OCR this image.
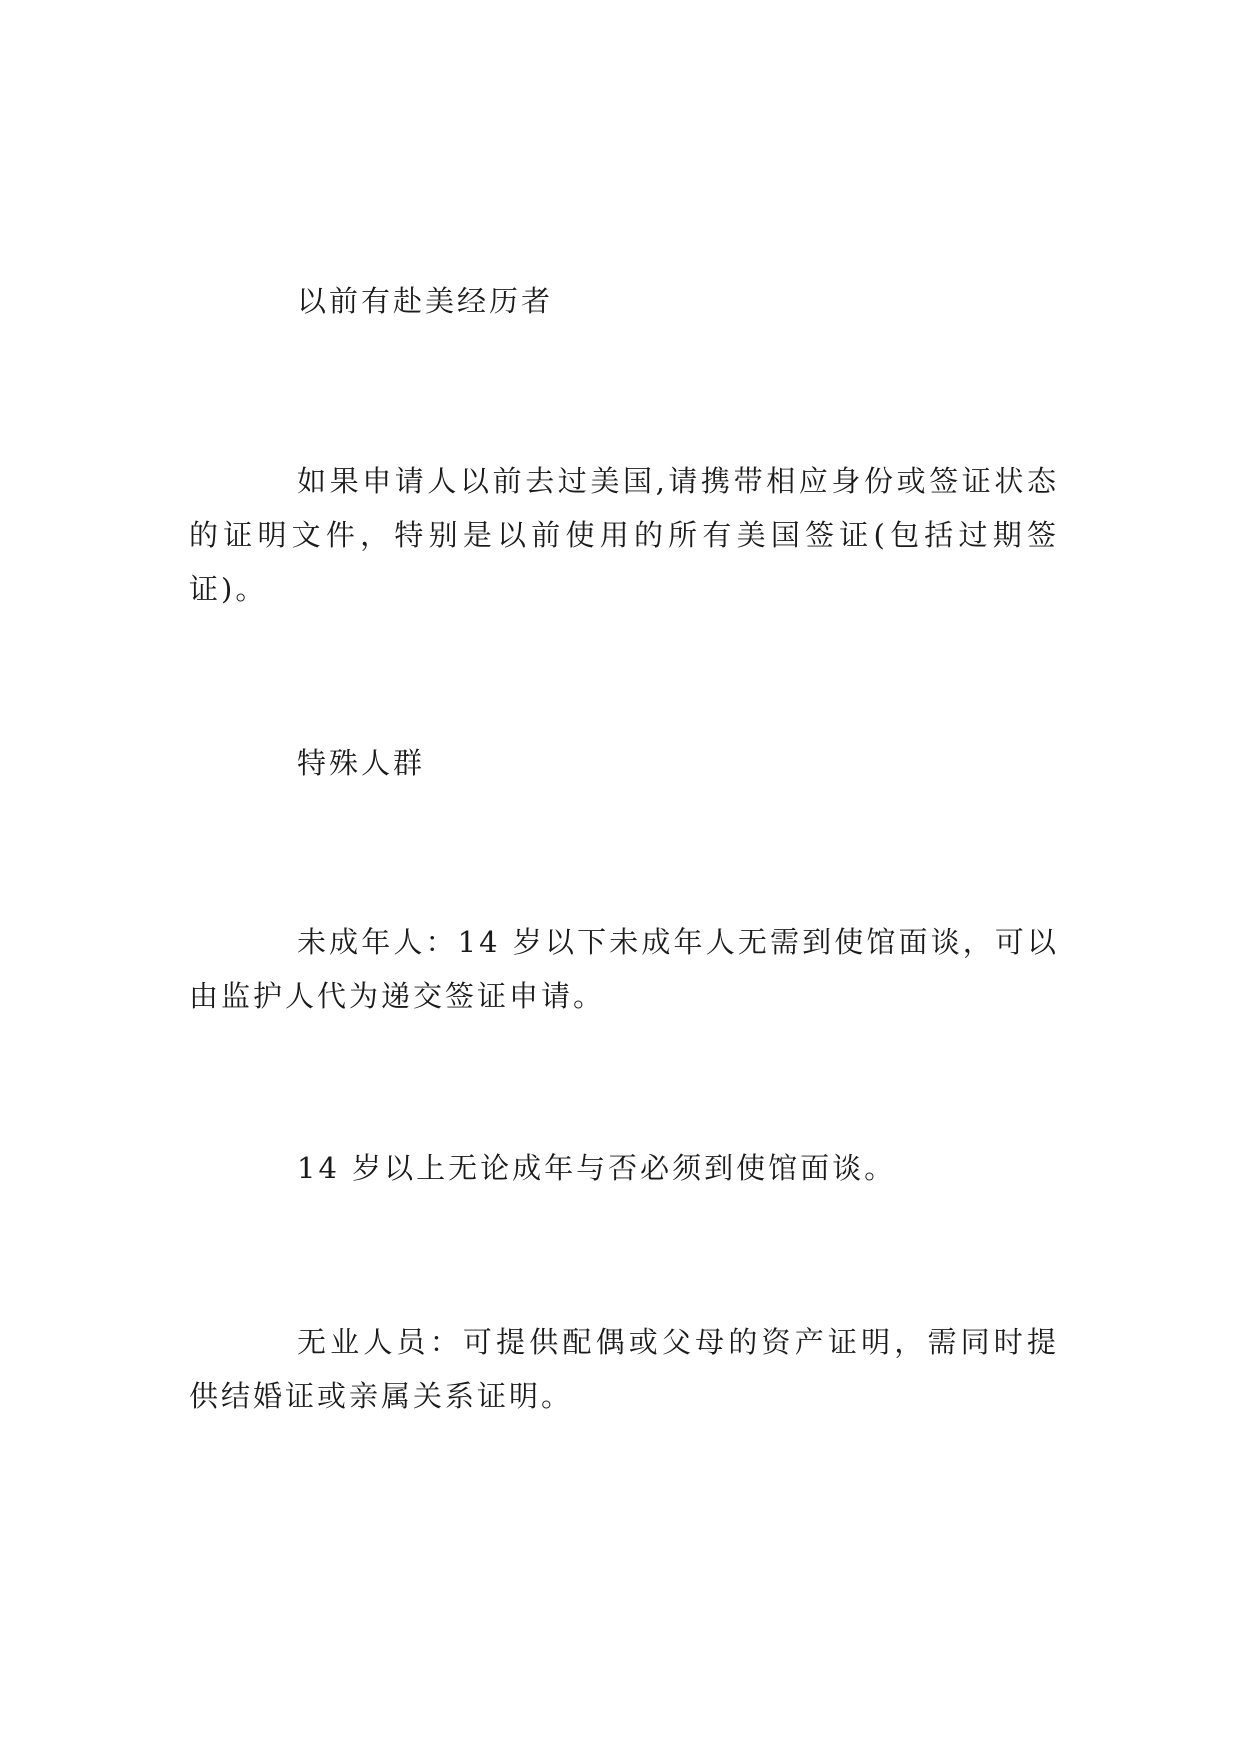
以前有赴美经历者

如果申请人以前去过美国,请携带相应身份或签证状态的证明文件，特别是以前使用的所有美国签证(包括过期签证)。

特殊人群

未成年人：14 岁以下未成年人无需到使馆面谈，可以由监护人代为递交签证申请。

14 岁以上无论成年与否必须到使馆面谈。

无业人员：可提供配偶或父母的资产证明，需同时提供结婚证或亲属关系证明。
